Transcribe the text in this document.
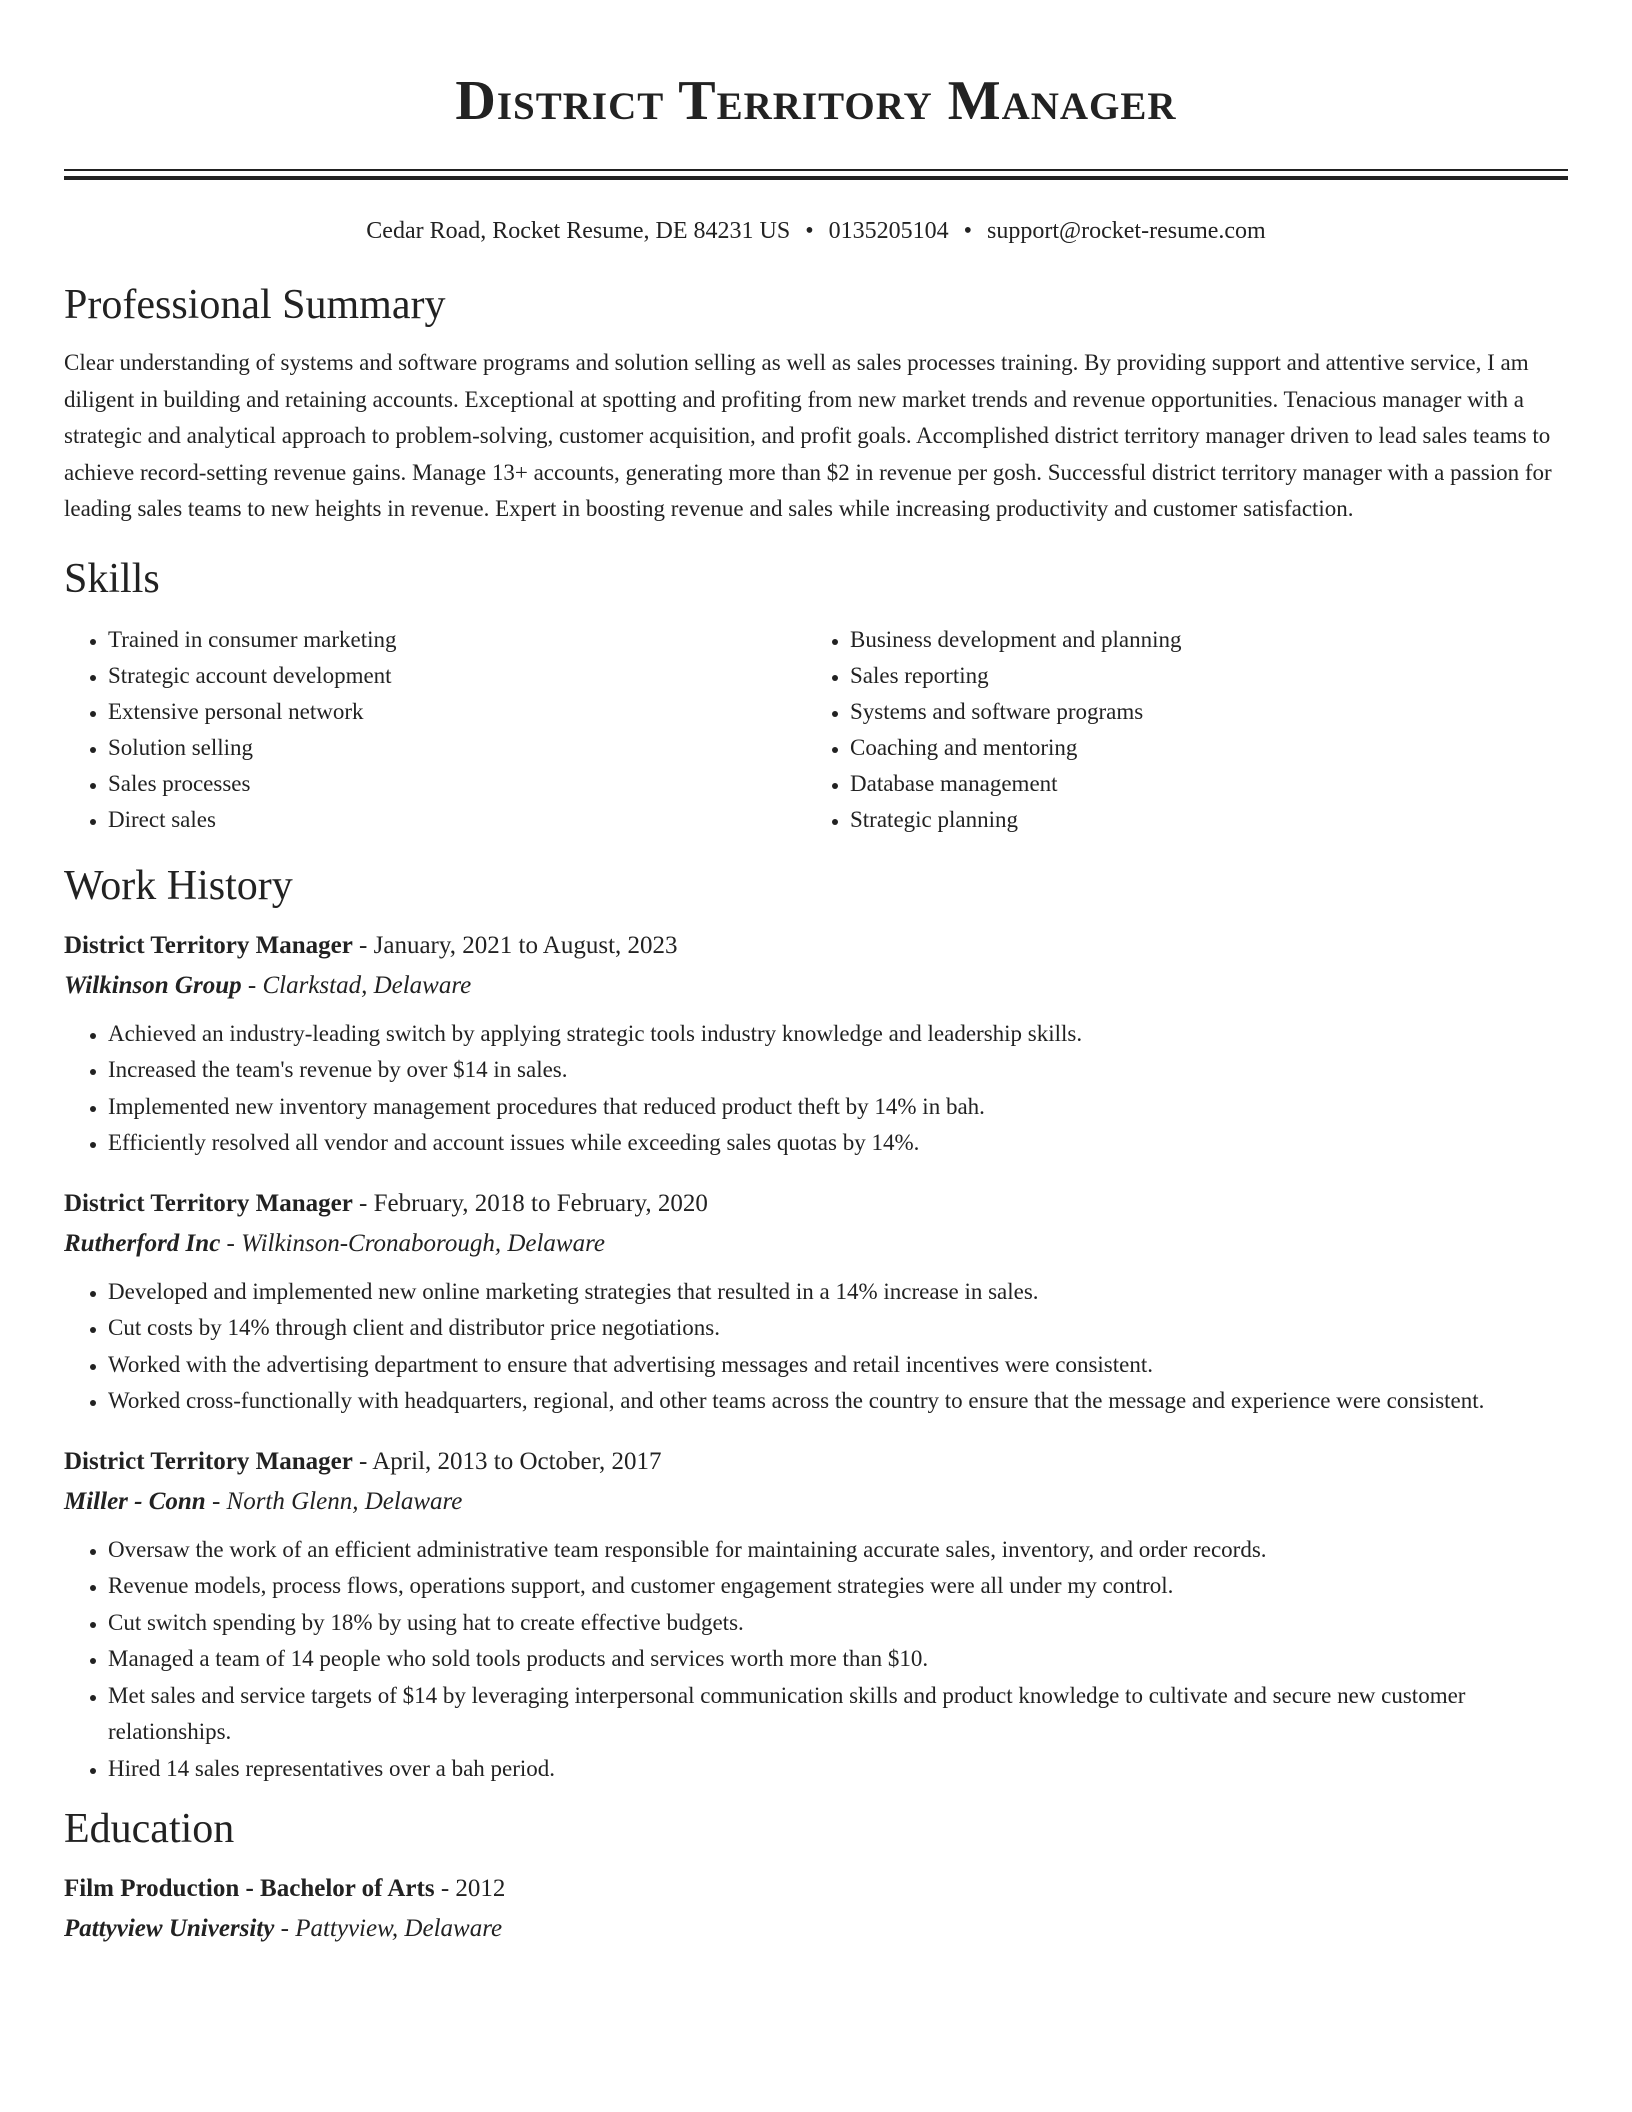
District Territory Manager
Cedar Road, Rocket Resume, DE 84231 US • 0135205104 • support@rocket-resume.com
Professional Summary
Clear understanding of systems and software programs and solution selling as well as sales processes training. By providing support and attentive service, I am diligent in building and retaining accounts. Exceptional at spotting and profiting from new market trends and revenue opportunities. Tenacious manager with a strategic and analytical approach to problem-solving, customer acquisition, and profit goals. Accomplished district territory manager driven to lead sales teams to achieve record-setting revenue gains. Manage 13+ accounts, generating more than $2 in revenue per gosh. Successful district territory manager with a passion for leading sales teams to new heights in revenue. Expert in boosting revenue and sales while increasing productivity and customer satisfaction.
Skills
• Trained in consumer marketing
• Strategic account development
• Extensive personal network
• Solution selling
• Sales processes
• Direct sales
• Business development and planning
• Sales reporting
• Systems and software programs
• Coaching and mentoring
• Database management
• Strategic planning
Work History
District Territory Manager - January, 2021 to August, 2023
Wilkinson Group - Clarkstad, Delaware
• Achieved an industry-leading switch by applying strategic tools industry knowledge and leadership skills.
• Increased the team's revenue by over $14 in sales.
• Implemented new inventory management procedures that reduced product theft by 14% in bah.
• Efficiently resolved all vendor and account issues while exceeding sales quotas by 14%.
District Territory Manager - February, 2018 to February, 2020
Rutherford Inc - Wilkinson-Cronaborough, Delaware
• Developed and implemented new online marketing strategies that resulted in a 14% increase in sales.
• Cut costs by 14% through client and distributor price negotiations.
• Worked with the advertising department to ensure that advertising messages and retail incentives were consistent.
• Worked cross-functionally with headquarters, regional, and other teams across the country to ensure that the message and experience were consistent.
District Territory Manager - April, 2013 to October, 2017
Miller - Conn - North Glenn, Delaware
• Oversaw the work of an efficient administrative team responsible for maintaining accurate sales, inventory, and order records.
• Revenue models, process flows, operations support, and customer engagement strategies were all under my control.
• Cut switch spending by 18% by using hat to create effective budgets.
• Managed a team of 14 people who sold tools products and services worth more than $10.
• Met sales and service targets of $14 by leveraging interpersonal communication skills and product knowledge to cultivate and secure new customer relationships.
• Hired 14 sales representatives over a bah period.
Education
Film Production - Bachelor of Arts - 2012
Pattyview University - Pattyview, Delaware
